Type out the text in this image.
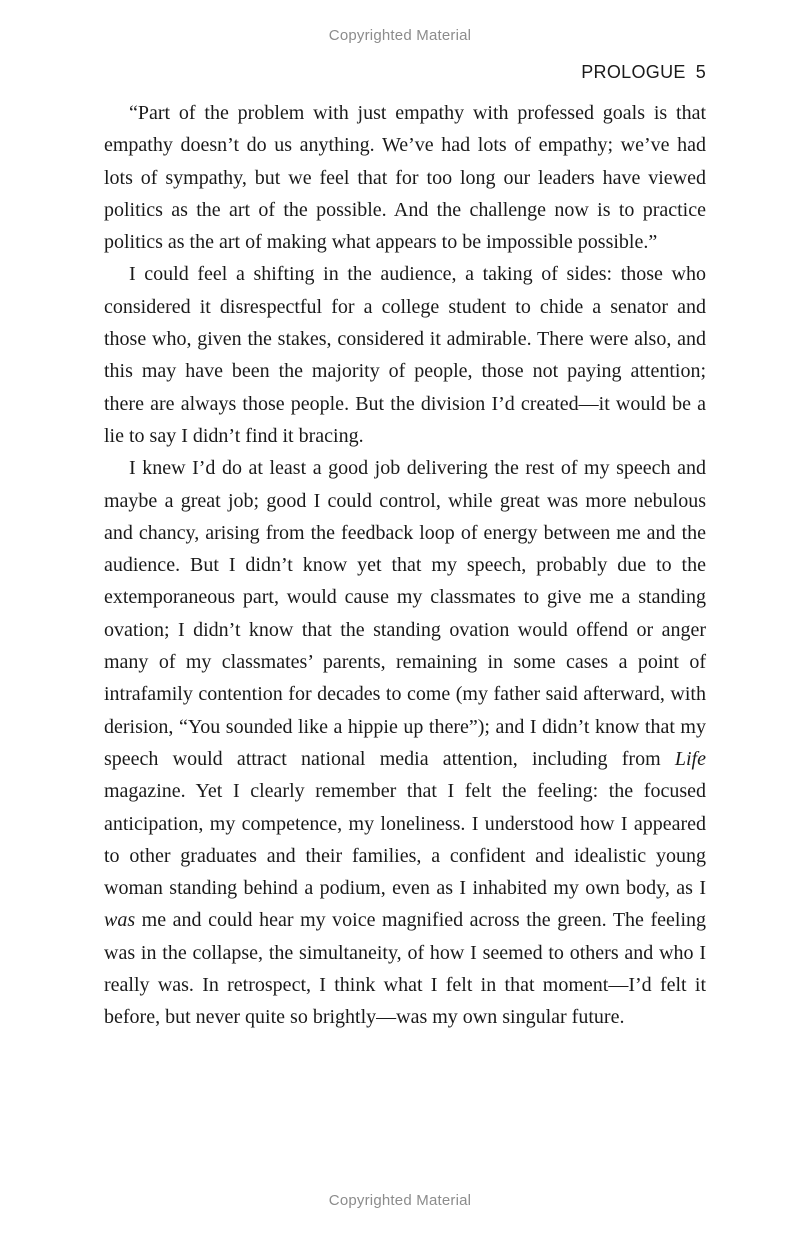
Copyrighted Material
PROLOGUE 5

“Part of the problem with just empathy with professed goals is that empathy doesn’t do us anything. We’ve had lots of empathy; we’ve had lots of sympathy, but we feel that for too long our leaders have viewed politics as the art of the possible. And the challenge now is to practice politics as the art of making what appears to be impossible possible.”

I could feel a shifting in the audience, a taking of sides: those who considered it disrespectful for a college student to chide a senator and those who, given the stakes, considered it admirable. There were also, and this may have been the majority of people, those not paying attention; there are always those people. But the division I’d created—it would be a lie to say I didn’t find it bracing.

I knew I’d do at least a good job delivering the rest of my speech and maybe a great job; good I could control, while great was more nebulous and chancy, arising from the feedback loop of energy between me and the audience. But I didn’t know yet that my speech, probably due to the extemporaneous part, would cause my classmates to give me a standing ovation; I didn’t know that the standing ovation would offend or anger many of my classmates’ parents, remaining in some cases a point of intrafamily contention for decades to come (my father said afterward, with derision, “You sounded like a hippie up there”); and I didn’t know that my speech would attract national media attention, including from Life magazine. Yet I clearly remember that I felt the feeling: the focused anticipation, my competence, my loneliness. I understood how I appeared to other graduates and their families, a confident and idealistic young woman standing behind a podium, even as I inhabited my own body, as I was me and could hear my voice magnified across the green. The feeling was in the collapse, the simultaneity, of how I seemed to others and who I really was. In retrospect, I think what I felt in that moment—I’d felt it before, but never quite so brightly—was my own singular future.

Copyrighted Material
